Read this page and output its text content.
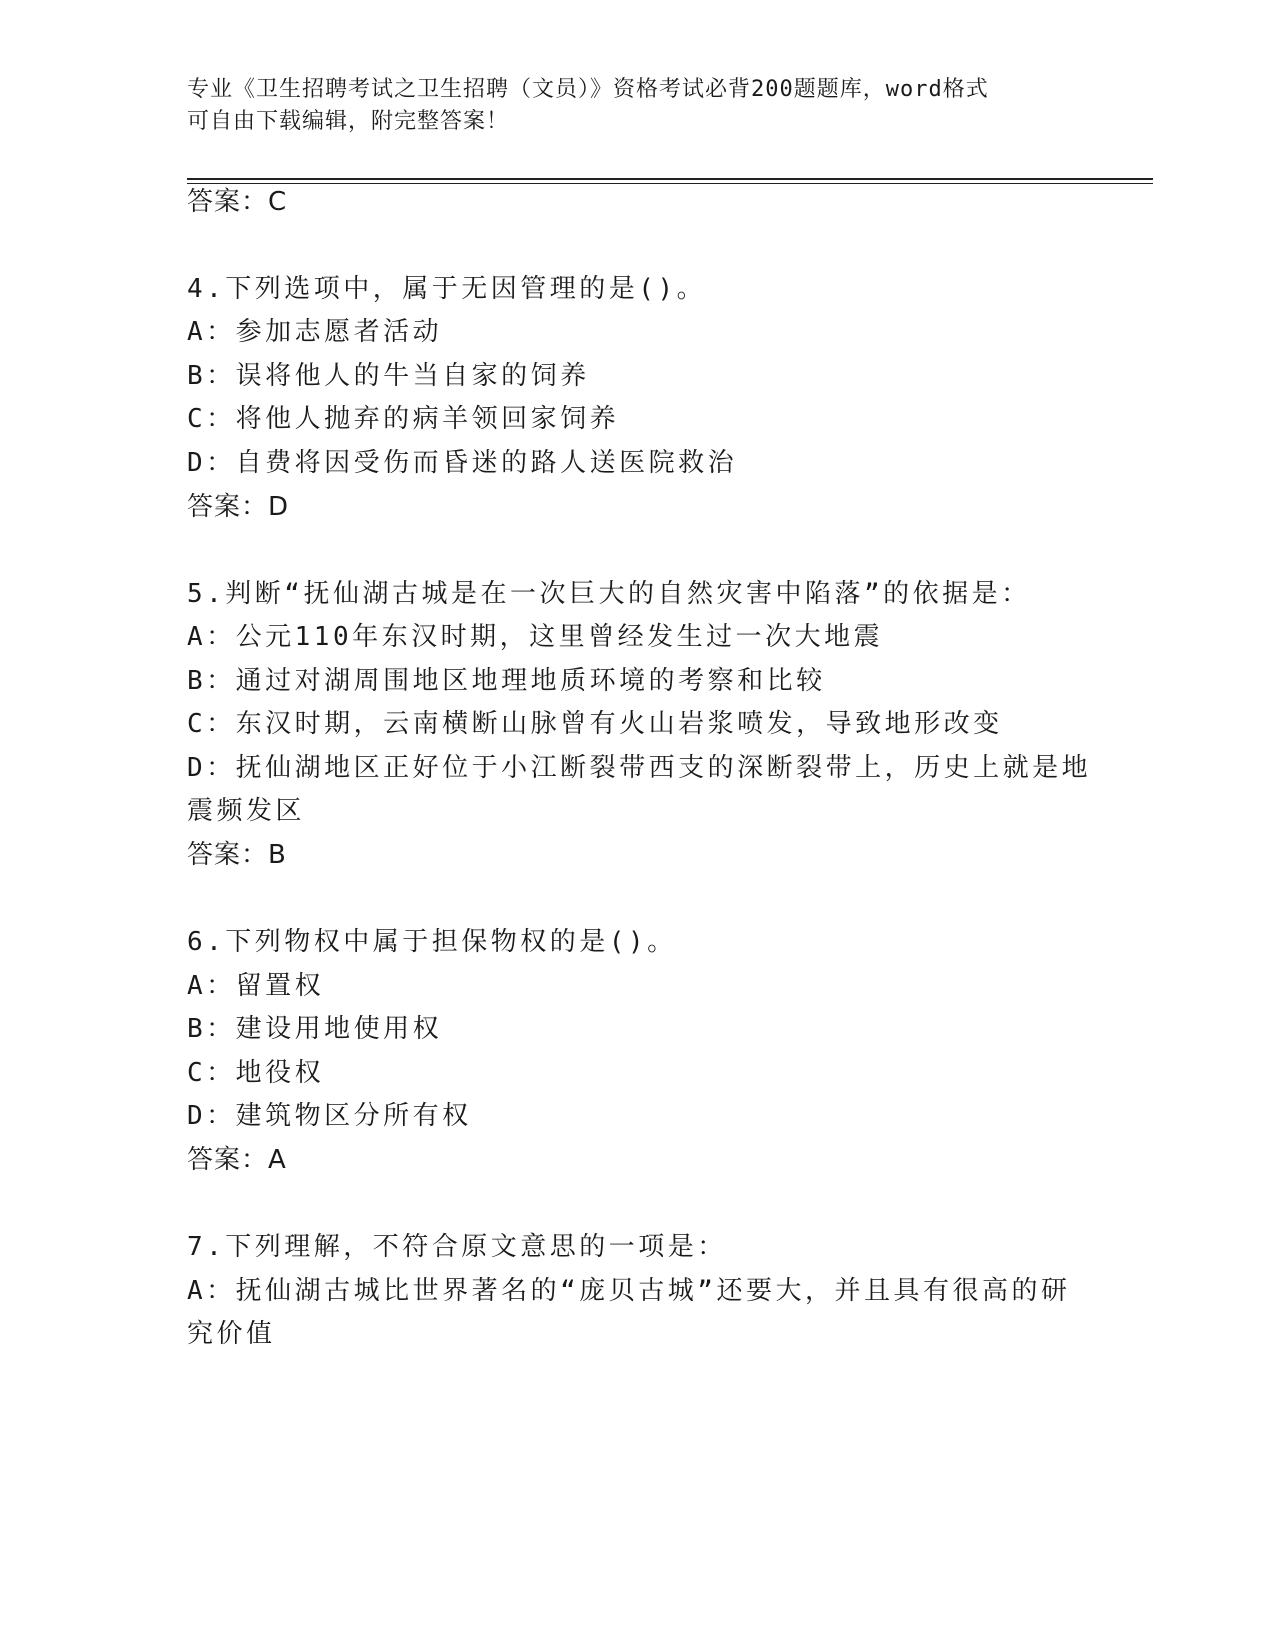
专业《卫生招聘考试之卫生招聘（文员）》资格考试必背200题题库，word格式
可自由下载编辑，附完整答案！
答案：C
4.下列选项中，属于无因管理的是()。
A：参加志愿者活动
B：误将他人的牛当自家的饲养
C：将他人抛弃的病羊领回家饲养
D：自费将因受伤而昏迷的路人送医院救治
答案：D
5.判断“抚仙湖古城是在一次巨大的自然灾害中陷落”的依据是：
A：公元110年东汉时期，这里曾经发生过一次大地震
B：通过对湖周围地区地理地质环境的考察和比较
C：东汉时期，云南横断山脉曾有火山岩浆喷发，导致地形改变
D：抚仙湖地区正好位于小江断裂带西支的深断裂带上，历史上就是地
震频发区
答案：B
6.下列物权中属于担保物权的是()。
A：留置权
B：建设用地使用权
C：地役权
D：建筑物区分所有权
答案：A
7.下列理解，不符合原文意思的一项是：
A：抚仙湖古城比世界著名的“庞贝古城”还要大，并且具有很高的研
究价值
